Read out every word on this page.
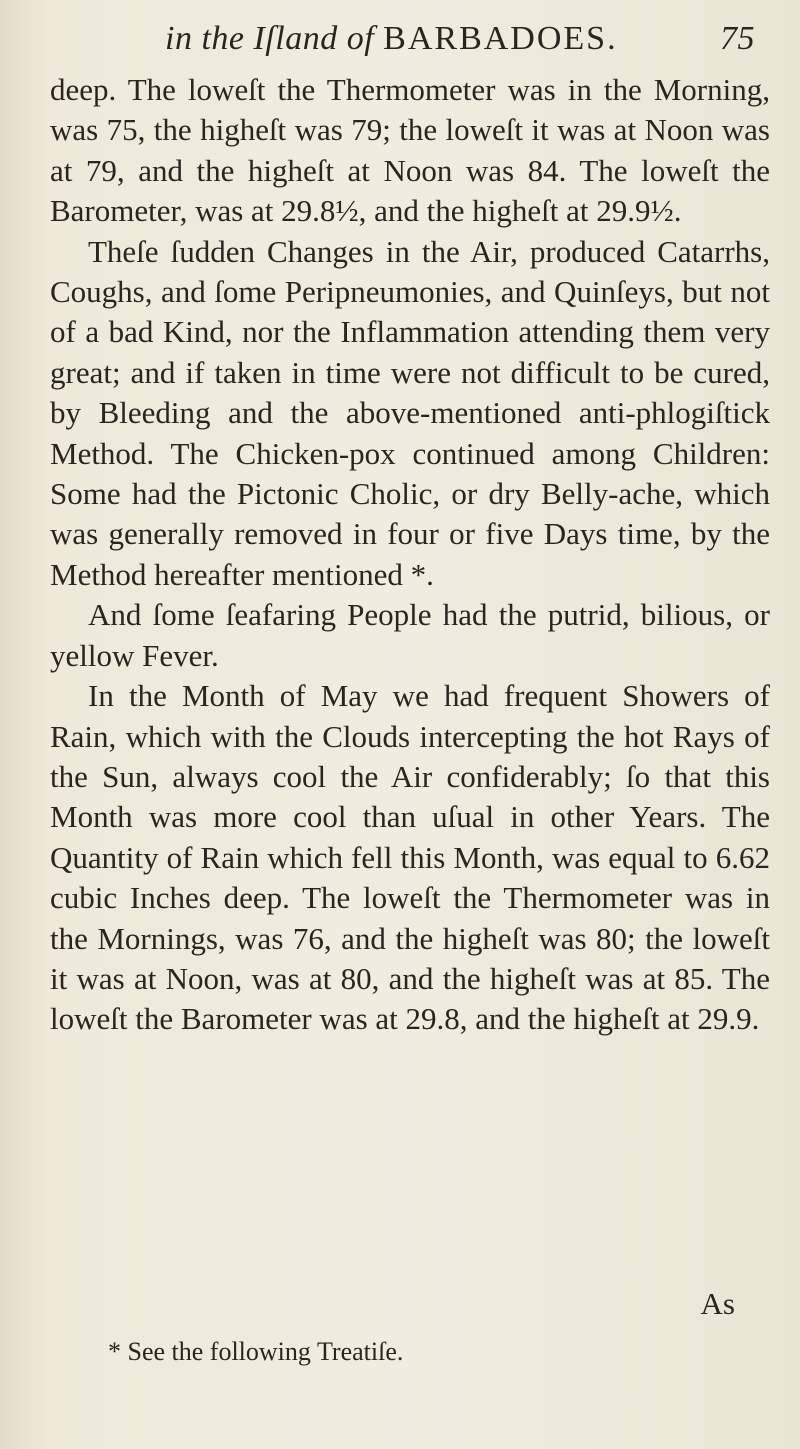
in the Iſland of BARBADOES.	75

deep. The loweſt the Thermometer was in the Morning, was 75, the higheſt was 79; the loweſt it was at Noon was at 79, and the higheſt at Noon was 84. The loweſt the Barometer, was at 29.8½, and the higheſt at 29.9½.

Theſe ſudden Changes in the Air, produced Catarrhs, Coughs, and ſome Peripneumonies, and Quinſeys, but not of a bad Kind, nor the Inflammation attending them very great; and if taken in time were not difficult to be cured, by Bleeding and the above-mentioned anti-phlogiſtick Method. The Chicken-pox continued among Children: Some had the Pictonic Cholic, or dry Belly-ache, which was generally removed in four or five Days time, by the Method hereafter mentioned *.

And ſome ſeafaring People had the putrid, bilious, or yellow Fever.

In the Month of May we had frequent Showers of Rain, which with the Clouds intercepting the hot Rays of the Sun, always cool the Air confiderably; ſo that this Month was more cool than uſual in other Years. The Quantity of Rain which fell this Month, was equal to 6.62 cubic Inches deep. The loweſt the Thermometer was in the Mornings, was 76, and the higheſt was 80; the loweſt it was at Noon, was at 80, and the higheſt was at 85. The loweſt the Barometer was at 29.8, and the higheſt at 29.9.

As
* See the following Treatiſe.
